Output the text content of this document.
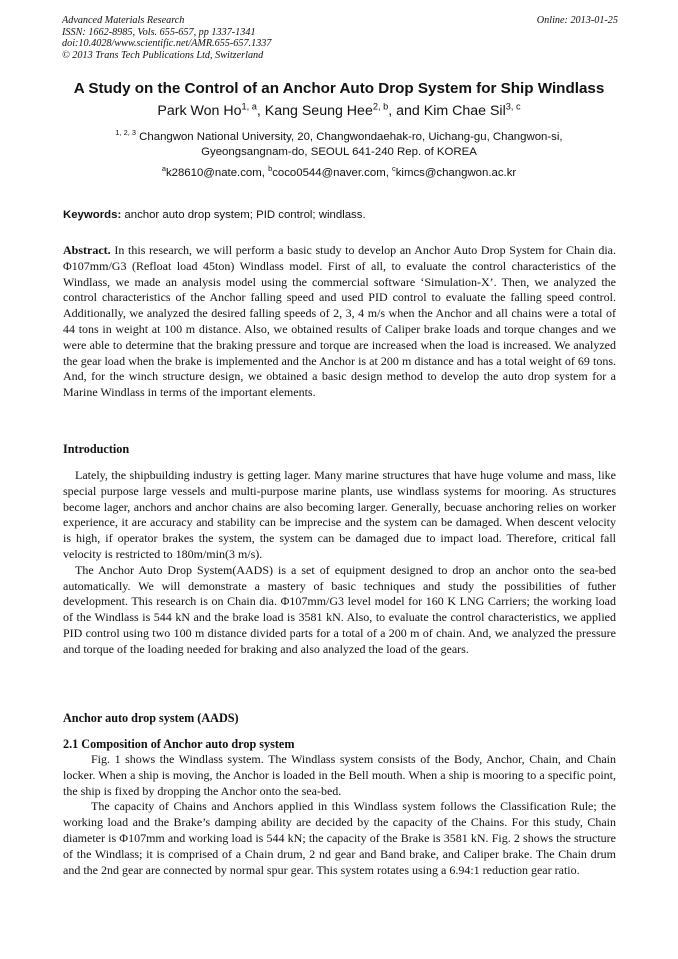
Advanced Materials Research
ISSN: 1662-8985, Vols. 655-657, pp 1337-1341
doi:10.4028/www.scientific.net/AMR.655-657.1337
© 2013 Trans Tech Publications Ltd, Switzerland
Online: 2013-01-25
A Study on the Control of an Anchor Auto Drop System for Ship Windlass
Park Won Ho$^{1, a}$, Kang Seung Hee$^{2, b}$, and Kim Chae Sil$^{3, c}$
$^{1, 2, 3}$ Changwon National University, 20, Changwondaehak-ro, Uichang-gu, Changwon-si,
Gyeongsangnam-do, SEOUL 641-240 Rep. of KOREA
$^a$k28610@nate.com, $^b$coco0544@naver.com, $^c$kimcs@changwon.ac.kr
Keywords: anchor auto drop system; PID control; windlass.
Abstract. In this research, we will perform a basic study to develop an Anchor Auto Drop System for Chain dia. Φ107mm/G3 (Refloat load 45ton) Windlass model. First of all, to evaluate the control characteristics of the Windlass, we made an analysis model using the commercial software ‘Simulation-X’. Then, we analyzed the control characteristics of the Anchor falling speed and used PID control to evaluate the falling speed control. Additionally, we analyzed the desired falling speeds of 2, 3, 4 m/s when the Anchor and all chains were a total of 44 tons in weight at 100 m distance. Also, we obtained results of Caliper brake loads and torque changes and we were able to determine that the braking pressure and torque are increased when the load is increased. We analyzed the gear load when the brake is implemented and the Anchor is at 200 m distance and has a total weight of 69 tons. And, for the winch structure design, we obtained a basic design method to develop the auto drop system for a Marine Windlass in terms of the important elements.
Introduction

Lately, the shipbuilding industry is getting lager. Many marine structures that have huge volume and mass, like special purpose large vessels and multi-purpose marine plants, use windlass systems for mooring. As structures become lager, anchors and anchor chains are also becoming larger. Generally, becuase anchoring relies on worker experience, it are accuracy and stability can be imprecise and the system can be damaged. When descent velocity is high, if operator brakes the system, the system can be damaged due to impact load. Therefore, critical fall velocity is restricted to 180m/min(3 m/s).

The Anchor Auto Drop System(AADS) is a set of equipment designed to drop an anchor onto the sea-bed automatically. We will demonstrate a mastery of basic techniques and study the possibilities of futher development. This research is on Chain dia. Φ107mm/G3 level model for 160 K LNG Carriers; the working load of the Windlass is 544 kN and the brake load is 3581 kN. Also, to evaluate the control characteristics, we applied PID control using two 100 m distance divided parts for a total of a 200 m of chain. And, we analyzed the pressure and torque of the loading needed for braking and also analyzed the load of the gears.

Anchor auto drop system (AADS)
2.1 Composition of Anchor auto drop system

Fig. 1 shows the Windlass system. The Windlass system consists of the Body, Anchor, Chain, and Chain locker. When a ship is moving, the Anchor is loaded in the Bell mouth. When a ship is mooring to a specific point, the ship is fixed by dropping the Anchor onto the sea-bed.

The capacity of Chains and Anchors applied in this Windlass system follows the Classification Rule; the working load and the Brake’s damping ability are decided by the capacity of the Chains. For this study, Chain diameter is Φ107mm and working load is 544 kN; the capacity of the Brake is 3581 kN. Fig. 2 shows the structure of the Windlass; it is comprised of a Chain drum, 2 nd gear and Band brake, and Caliper brake. The Chain drum and the 2nd gear are connected by normal spur gear. This system rotates using a 6.94:1 reduction gear ratio.
